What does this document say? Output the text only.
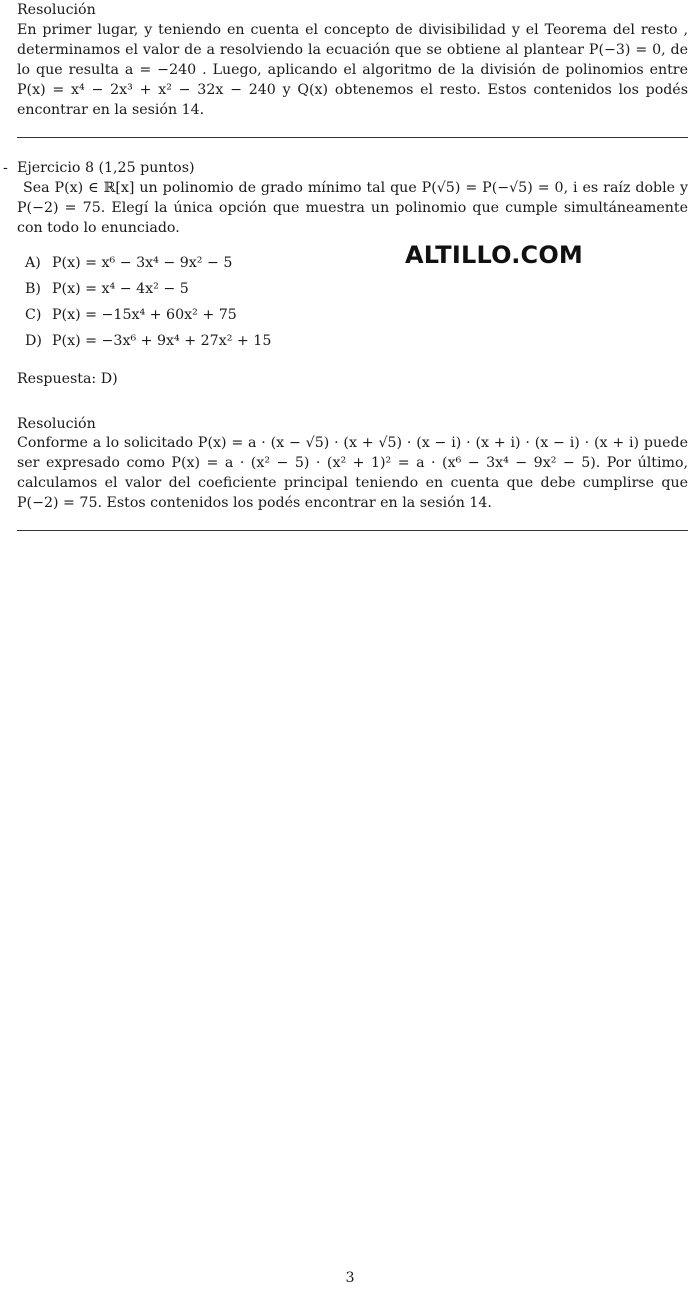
Resolución
En primer lugar, y teniendo en cuenta el concepto de divisibilidad y el Teorema del resto , determinamos el valor de a resolviendo la ecuación que se obtiene al plantear P(−3) = 0, de lo que resulta a = −240 . Luego, aplicando el algoritmo de la división de polinomios entre P(x) = x⁴ − 2x³ + x² − 32x − 240 y Q(x) obtenemos el resto. Estos contenidos los podés encontrar en la sesión 14.
- Ejercicio 8 (1,25 puntos)
Sea P(x) ∈ ℝ[x] un polinomio de grado mínimo tal que P(√5) = P(−√5) = 0, i es raíz doble y P(−2) = 75. Elegí la única opción que muestra un polinomio que cumple simultáneamente con todo lo enunciado.
ALTILLO.COM
A) P(x) = x⁶ − 3x⁴ − 9x² − 5
B) P(x) = x⁴ − 4x² − 5
C) P(x) = −15x⁴ + 60x² + 75
D) P(x) = −3x⁶ + 9x⁴ + 27x² + 15
Respuesta: D)
Resolución
Conforme a lo solicitado P(x) = a · (x − √5) · (x + √5) · (x − i) · (x + i) · (x − i) · (x + i) puede ser expresado como P(x) = a · (x² − 5) · (x² + 1)² = a · (x⁶ − 3x⁴ − 9x² − 5). Por último, calculamos el valor del coeficiente principal teniendo en cuenta que debe cumplirse que P(−2) = 75. Estos contenidos los podés encontrar en la sesión 14.
3
